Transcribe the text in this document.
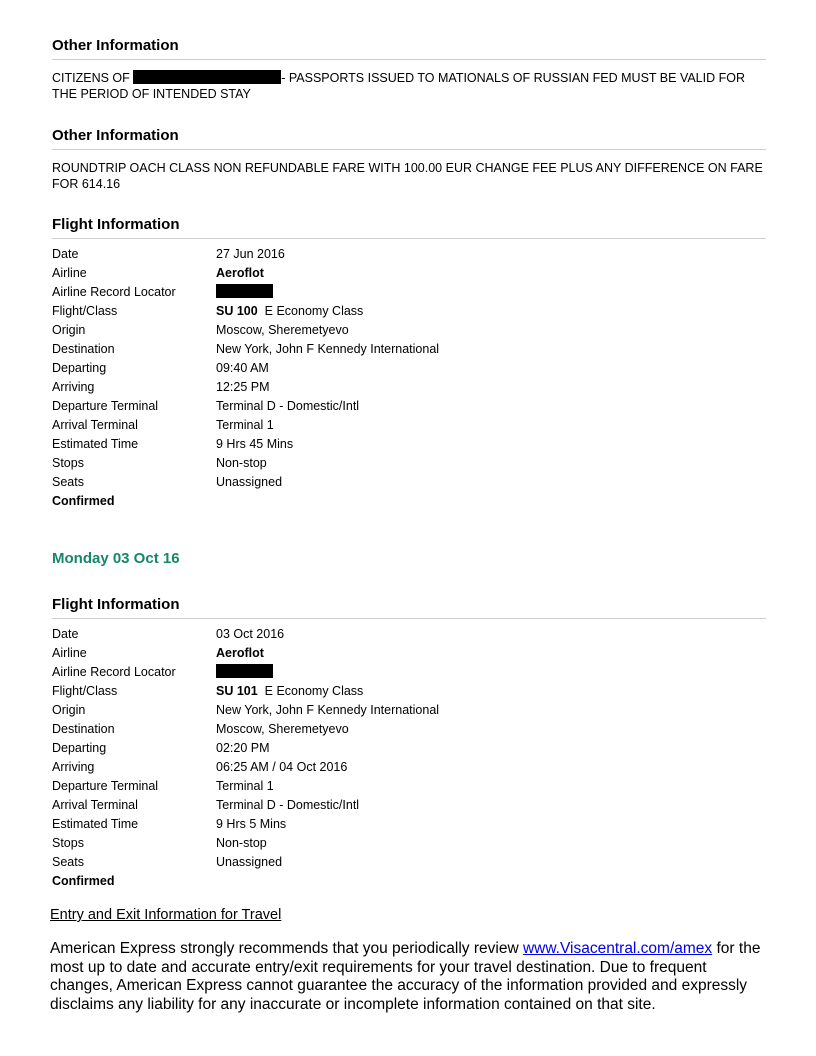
Other Information
CITIZENS OF	- PASSPORTS ISSUED TO MATIONALS OF RUSSIAN FED MUST BE VALID FOR THE PERIOD OF INTENDED STAY
Other Information
ROUNDTRIP OACH CLASS NON REFUNDABLE FARE WITH 100.00 EUR CHANGE FEE PLUS ANY DIFFERENCE ON FARE FOR 614.16
Flight Information
Date	27 Jun 2016
Airline	Aeroflot
Airline Record Locator
Flight/Class	SU 100 E Economy Class
Origin	Moscow, Sheremetyevo
Destination	New York, John F Kennedy International
Departing	09:40 AM
Arriving	12:25 PM
Departure Terminal	Terminal D - Domestic/Intl
Arrival Terminal	Terminal 1
Estimated Time	9 Hrs 45 Mins
Stops	Non-stop
Seats	Unassigned
Confirmed
Monday 03 Oct 16
Flight Information
Date	03 Oct 2016
Airline	Aeroflot
Airline Record Locator
Flight/Class	SU 101 E Economy Class
Origin	New York, John F Kennedy International
Destination	Moscow, Sheremetyevo
Departing	02:20 PM
Arriving	06:25 AM / 04 Oct 2016
Departure Terminal	Terminal 1
Arrival Terminal	Terminal D - Domestic/Intl
Estimated Time	9 Hrs 5 Mins
Stops	Non-stop
Seats	Unassigned
Confirmed
Entry and Exit Information for Travel
American Express strongly recommends that you periodically review www.Visacentral.com/amex for the most up to date and accurate entry/exit requirements for your travel destination. Due to frequent changes, American Express cannot guarantee the accuracy of the information provided and expressly disclaims any liability for any inaccurate or incomplete information contained on that site.
